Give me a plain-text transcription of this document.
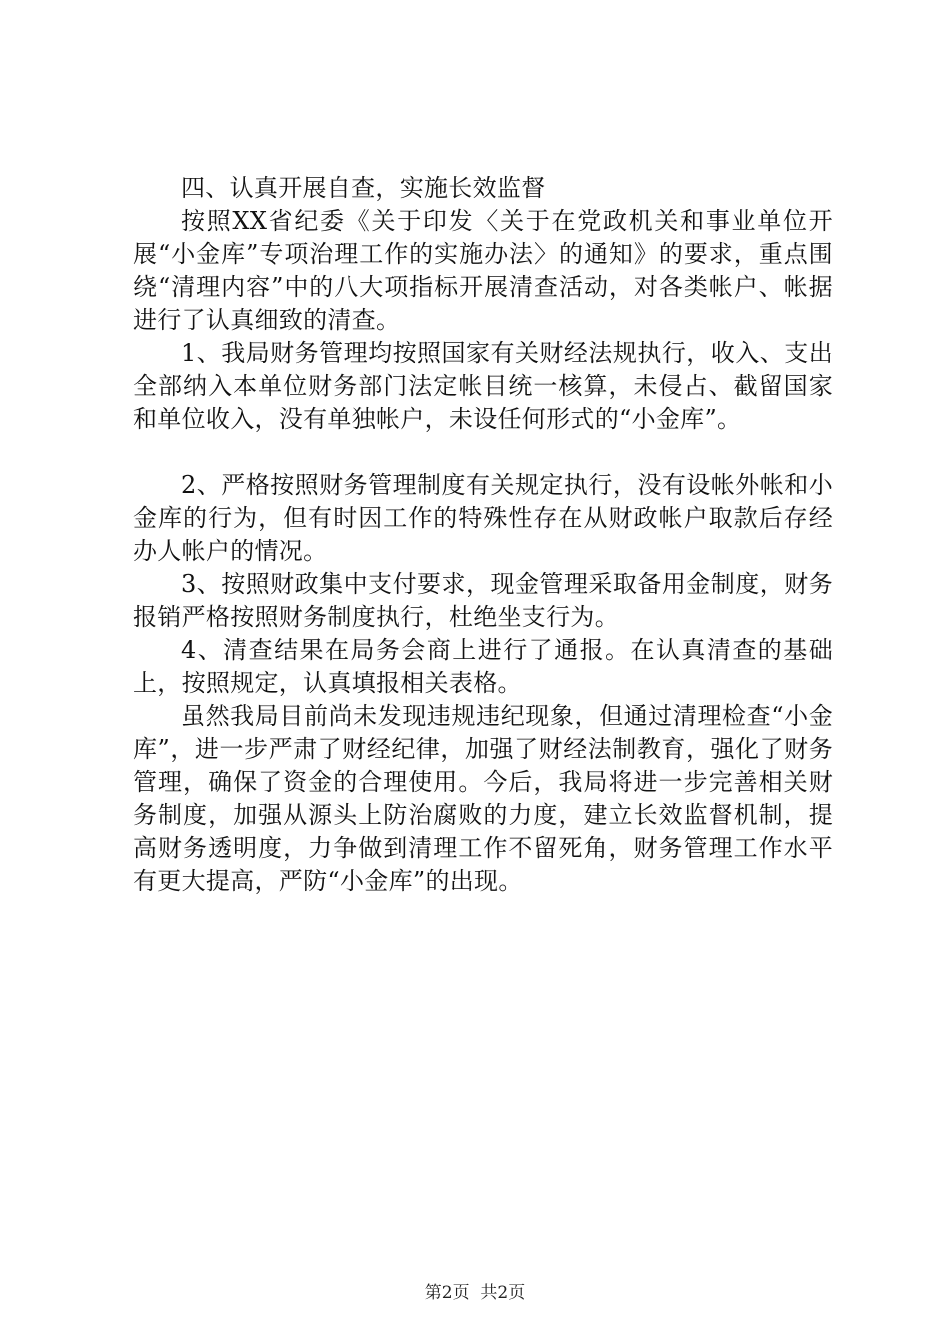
四、认真开展自查，实施长效监督

按照XX省纪委《关于印发〈关于在党政机关和事业单位开展“小金库”专项治理工作的实施办法〉的通知》的要求，重点围绕“清理内容”中的八大项指标开展清查活动，对各类帐户、帐据进行了认真细致的清查。

1、我局财务管理均按照国家有关财经法规执行，收入、支出全部纳入本单位财务部门法定帐目统一核算，未侵占、截留国家和单位收入，没有单独帐户，未设任何形式的“小金库”。

2、严格按照财务管理制度有关规定执行，没有设帐外帐和小金库的行为，但有时因工作的特殊性存在从财政帐户取款后存经办人帐户的情况。

3、按照财政集中支付要求，现金管理采取备用金制度，财务报销严格按照财务制度执行，杜绝坐支行为。

4、清查结果在局务会商上进行了通报。在认真清查的基础上，按照规定，认真填报相关表格。

虽然我局目前尚未发现违规违纪现象，但通过清理检查“小金库”，进一步严肃了财经纪律，加强了财经法制教育，强化了财务管理，确保了资金的合理使用。今后，我局将进一步完善相关财务制度，加强从源头上防治腐败的力度，建立长效监督机制，提高财务透明度，力争做到清理工作不留死角，财务管理工作水平有更大提高，严防“小金库”的出现。

第2页  共2页
